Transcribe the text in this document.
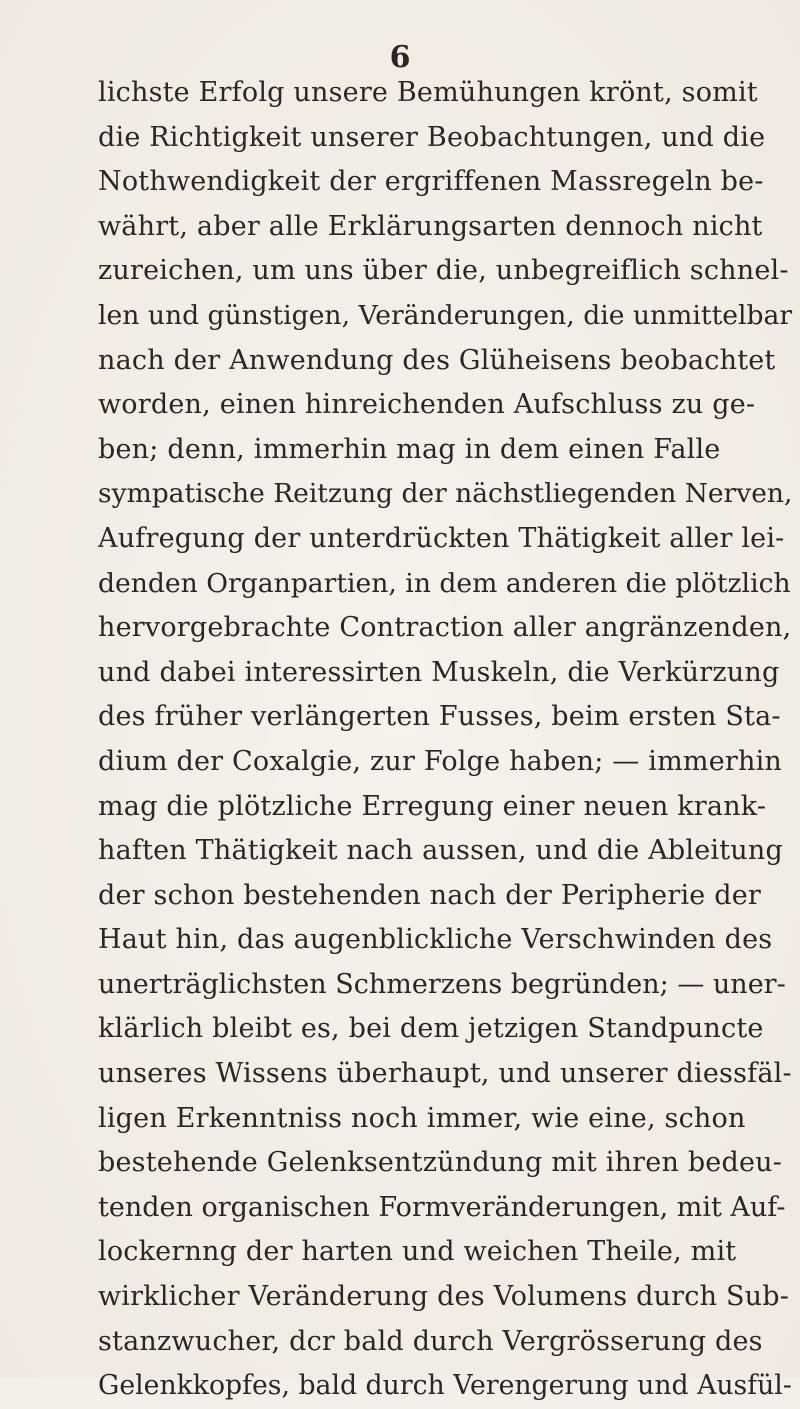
6
lichste Erfolg unsere Bemühungen krönt, somit
die Richtigkeit unserer Beobachtungen, und die
Nothwendigkeit der ergriffenen Massregeln be-
währt, aber alle Erklärungsarten dennoch nicht
zureichen, um uns über die, unbegreiflich schnel-
len und günstigen, Veränderungen, die unmittelbar
nach der Anwendung des Glüheisens beobachtet
worden, einen hinreichenden Aufschluss zu ge-
ben; denn, immerhin mag in dem einen Falle
sympatische Reitzung der nächstliegenden Nerven,
Aufregung der unterdrückten Thätigkeit aller lei-
denden Organpartien, in dem anderen die plötzlich
hervorgebrachte Contraction aller angränzenden,
und dabei interessirten Muskeln, die Verkürzung
des früher verlängerten Fusses, beim ersten Sta-
dium der Coxalgie, zur Folge haben; — immerhin
mag die plötzliche Erregung einer neuen krank-
haften Thätigkeit nach aussen, und die Ableitung
der schon bestehenden nach der Peripherie der
Haut hin, das augenblickliche Verschwinden des
unerträglichsten Schmerzens begründen; — uner-
klärlich bleibt es, bei dem jetzigen Standpuncte
unseres Wissens überhaupt, und unserer diessfäl-
ligen Erkenntniss noch immer, wie eine, schon
bestehende Gelenksentzündung mit ihren bedeu-
tenden organischen Formveränderungen, mit Auf-
lockernng der harten und weichen Theile, mit
wirklicher Veränderung des Volumens durch Sub-
stanzwucher, dcr bald durch Vergrösserung des
Gelenkkopfes, bald durch Verengerung und Ausfül-
